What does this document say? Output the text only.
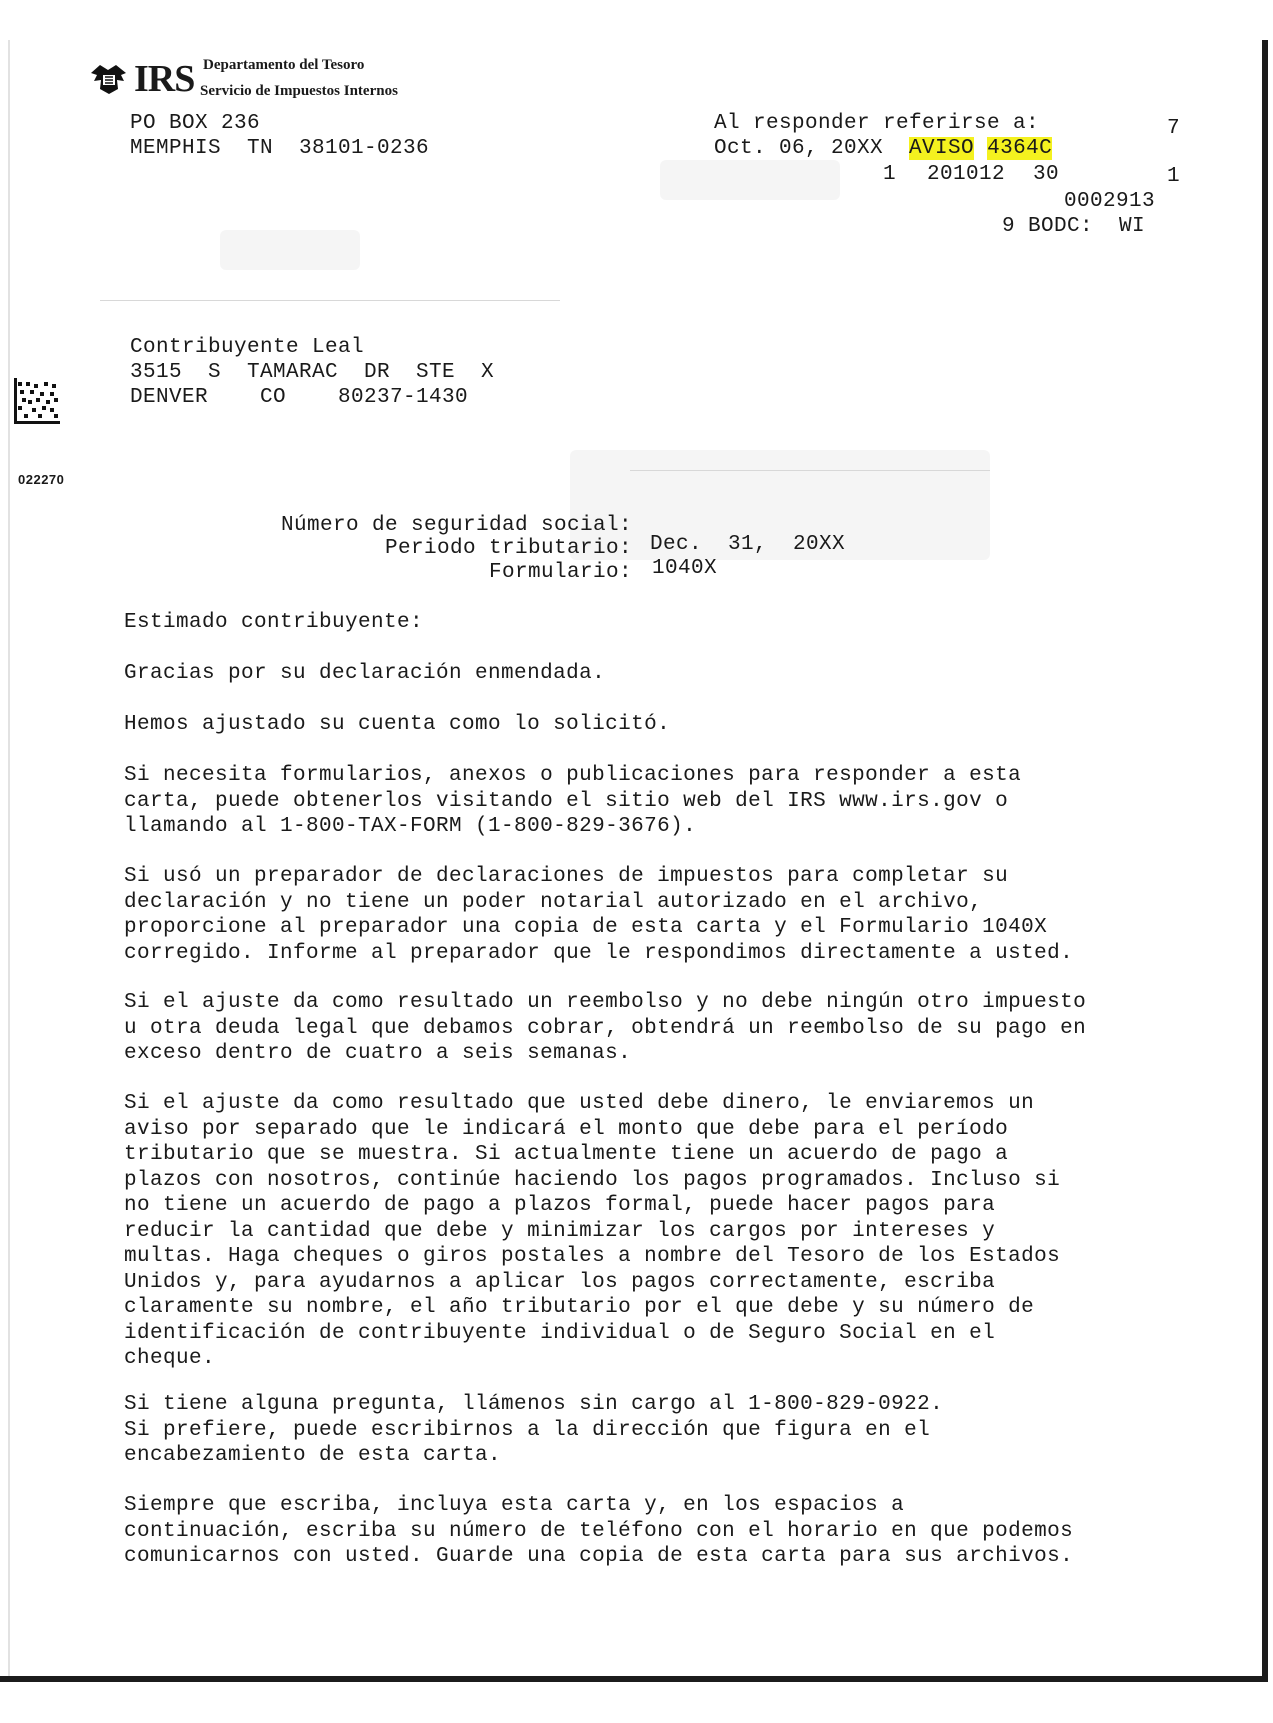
IRS Departamento del Tesoro
Servicio de Impuestos Internos
PO BOX 236
MEMPHIS  TN  38101-0236
Al responder referirse a:	7
Oct. 06, 20XX AVISO 4364C
1 201012 30	1
0002913
9 BODC:  WI
Contribuyente Leal
3515  S  TAMARAC  DR  STE  X
DENVER    CO    80237-1430
022270
Número de seguridad social:
Periodo tributario: Dec.  31,  20XX
Formulario: 1040X
Estimado contribuyente:
Gracias por su declaración enmendada.
Hemos ajustado su cuenta como lo solicitó.
Si necesita formularios, anexos o publicaciones para responder a esta
carta, puede obtenerlos visitando el sitio web del IRS www.irs.gov o
llamando al 1-800-TAX-FORM (1-800-829-3676).
Si usó un preparador de declaraciones de impuestos para completar su
declaración y no tiene un poder notarial autorizado en el archivo,
proporcione al preparador una copia de esta carta y el Formulario 1040X
corregido. Informe al preparador que le respondimos directamente a usted.
Si el ajuste da como resultado un reembolso y no debe ningún otro impuesto
u otra deuda legal que debamos cobrar, obtendrá un reembolso de su pago en
exceso dentro de cuatro a seis semanas.
Si el ajuste da como resultado que usted debe dinero, le enviaremos un
aviso por separado que le indicará el monto que debe para el período
tributario que se muestra. Si actualmente tiene un acuerdo de pago a
plazos con nosotros, continúe haciendo los pagos programados. Incluso si
no tiene un acuerdo de pago a plazos formal, puede hacer pagos para
reducir la cantidad que debe y minimizar los cargos por intereses y
multas. Haga cheques o giros postales a nombre del Tesoro de los Estados
Unidos y, para ayudarnos a aplicar los pagos correctamente, escriba
claramente su nombre, el año tributario por el que debe y su número de
identificación de contribuyente individual o de Seguro Social en el
cheque.
Si tiene alguna pregunta, llámenos sin cargo al 1-800-829-0922.
Si prefiere, puede escribirnos a la dirección que figura en el
encabezamiento de esta carta.
Siempre que escriba, incluya esta carta y, en los espacios a
continuación, escriba su número de teléfono con el horario en que podemos
comunicarnos con usted. Guarde una copia de esta carta para sus archivos.
